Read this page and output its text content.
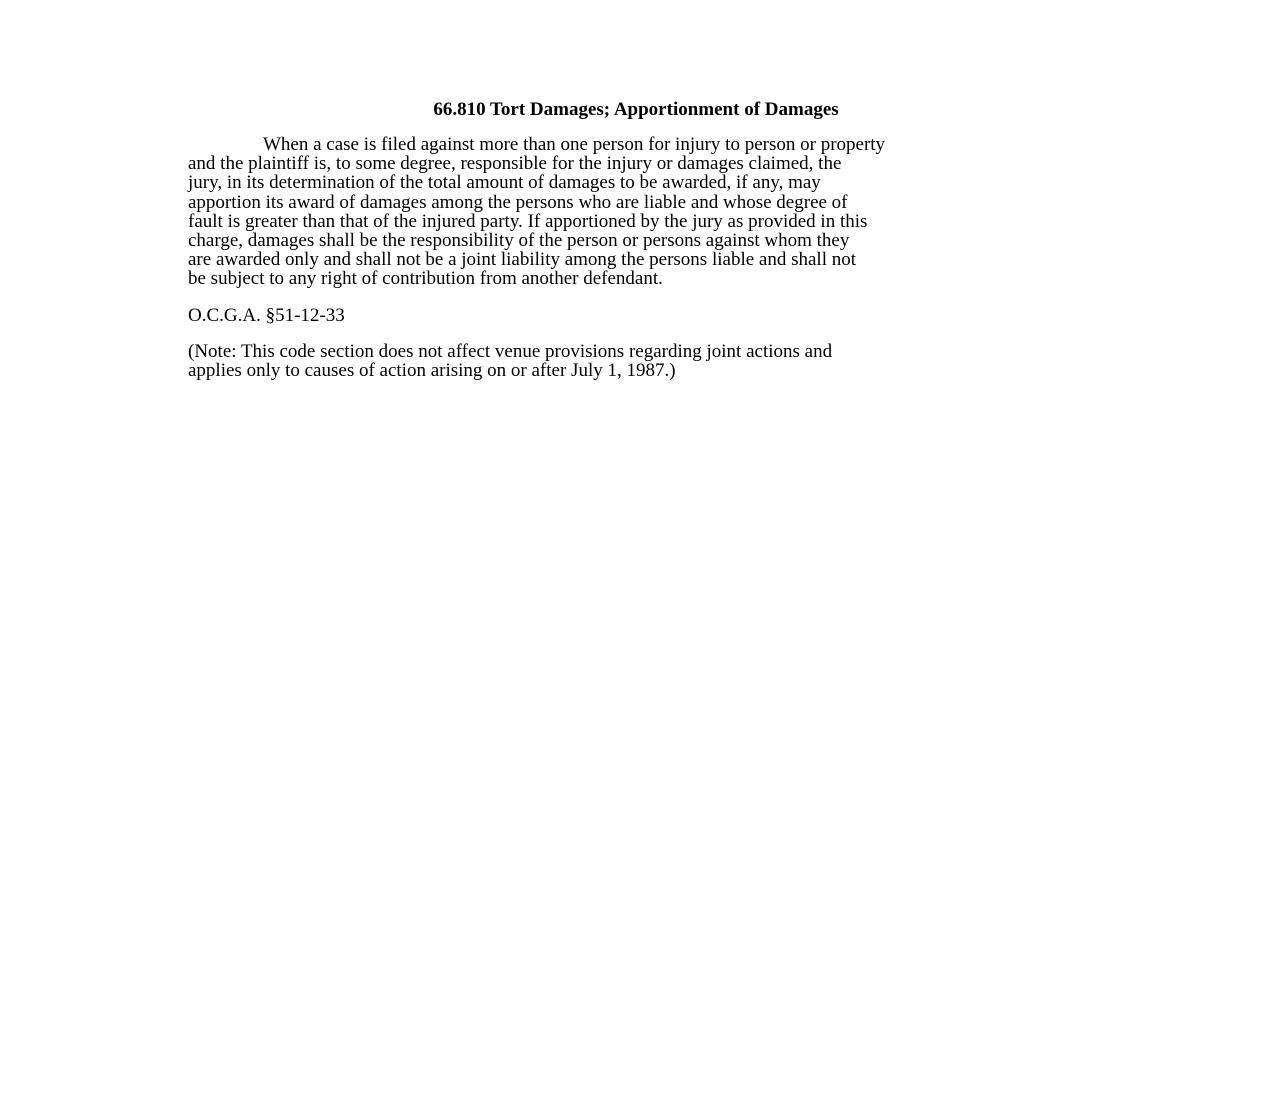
66.810 Tort Damages; Apportionment of Damages

When a case is filed against more than one person for injury to person or property
and the plaintiff is, to some degree, responsible for the injury or damages claimed, the
jury, in its determination of the total amount of damages to be awarded, if any, may
apportion its award of damages among the persons who are liable and whose degree of
fault is greater than that of the injured party. If apportioned by the jury as provided in this
charge, damages shall be the responsibility of the person or persons against whom they
are awarded only and shall not be a joint liability among the persons liable and shall not
be subject to any right of contribution from another defendant.

O.C.G.A. §51-12-33

(Note: This code section does not affect venue provisions regarding joint actions and
applies only to causes of action arising on or after July 1, 1987.)
